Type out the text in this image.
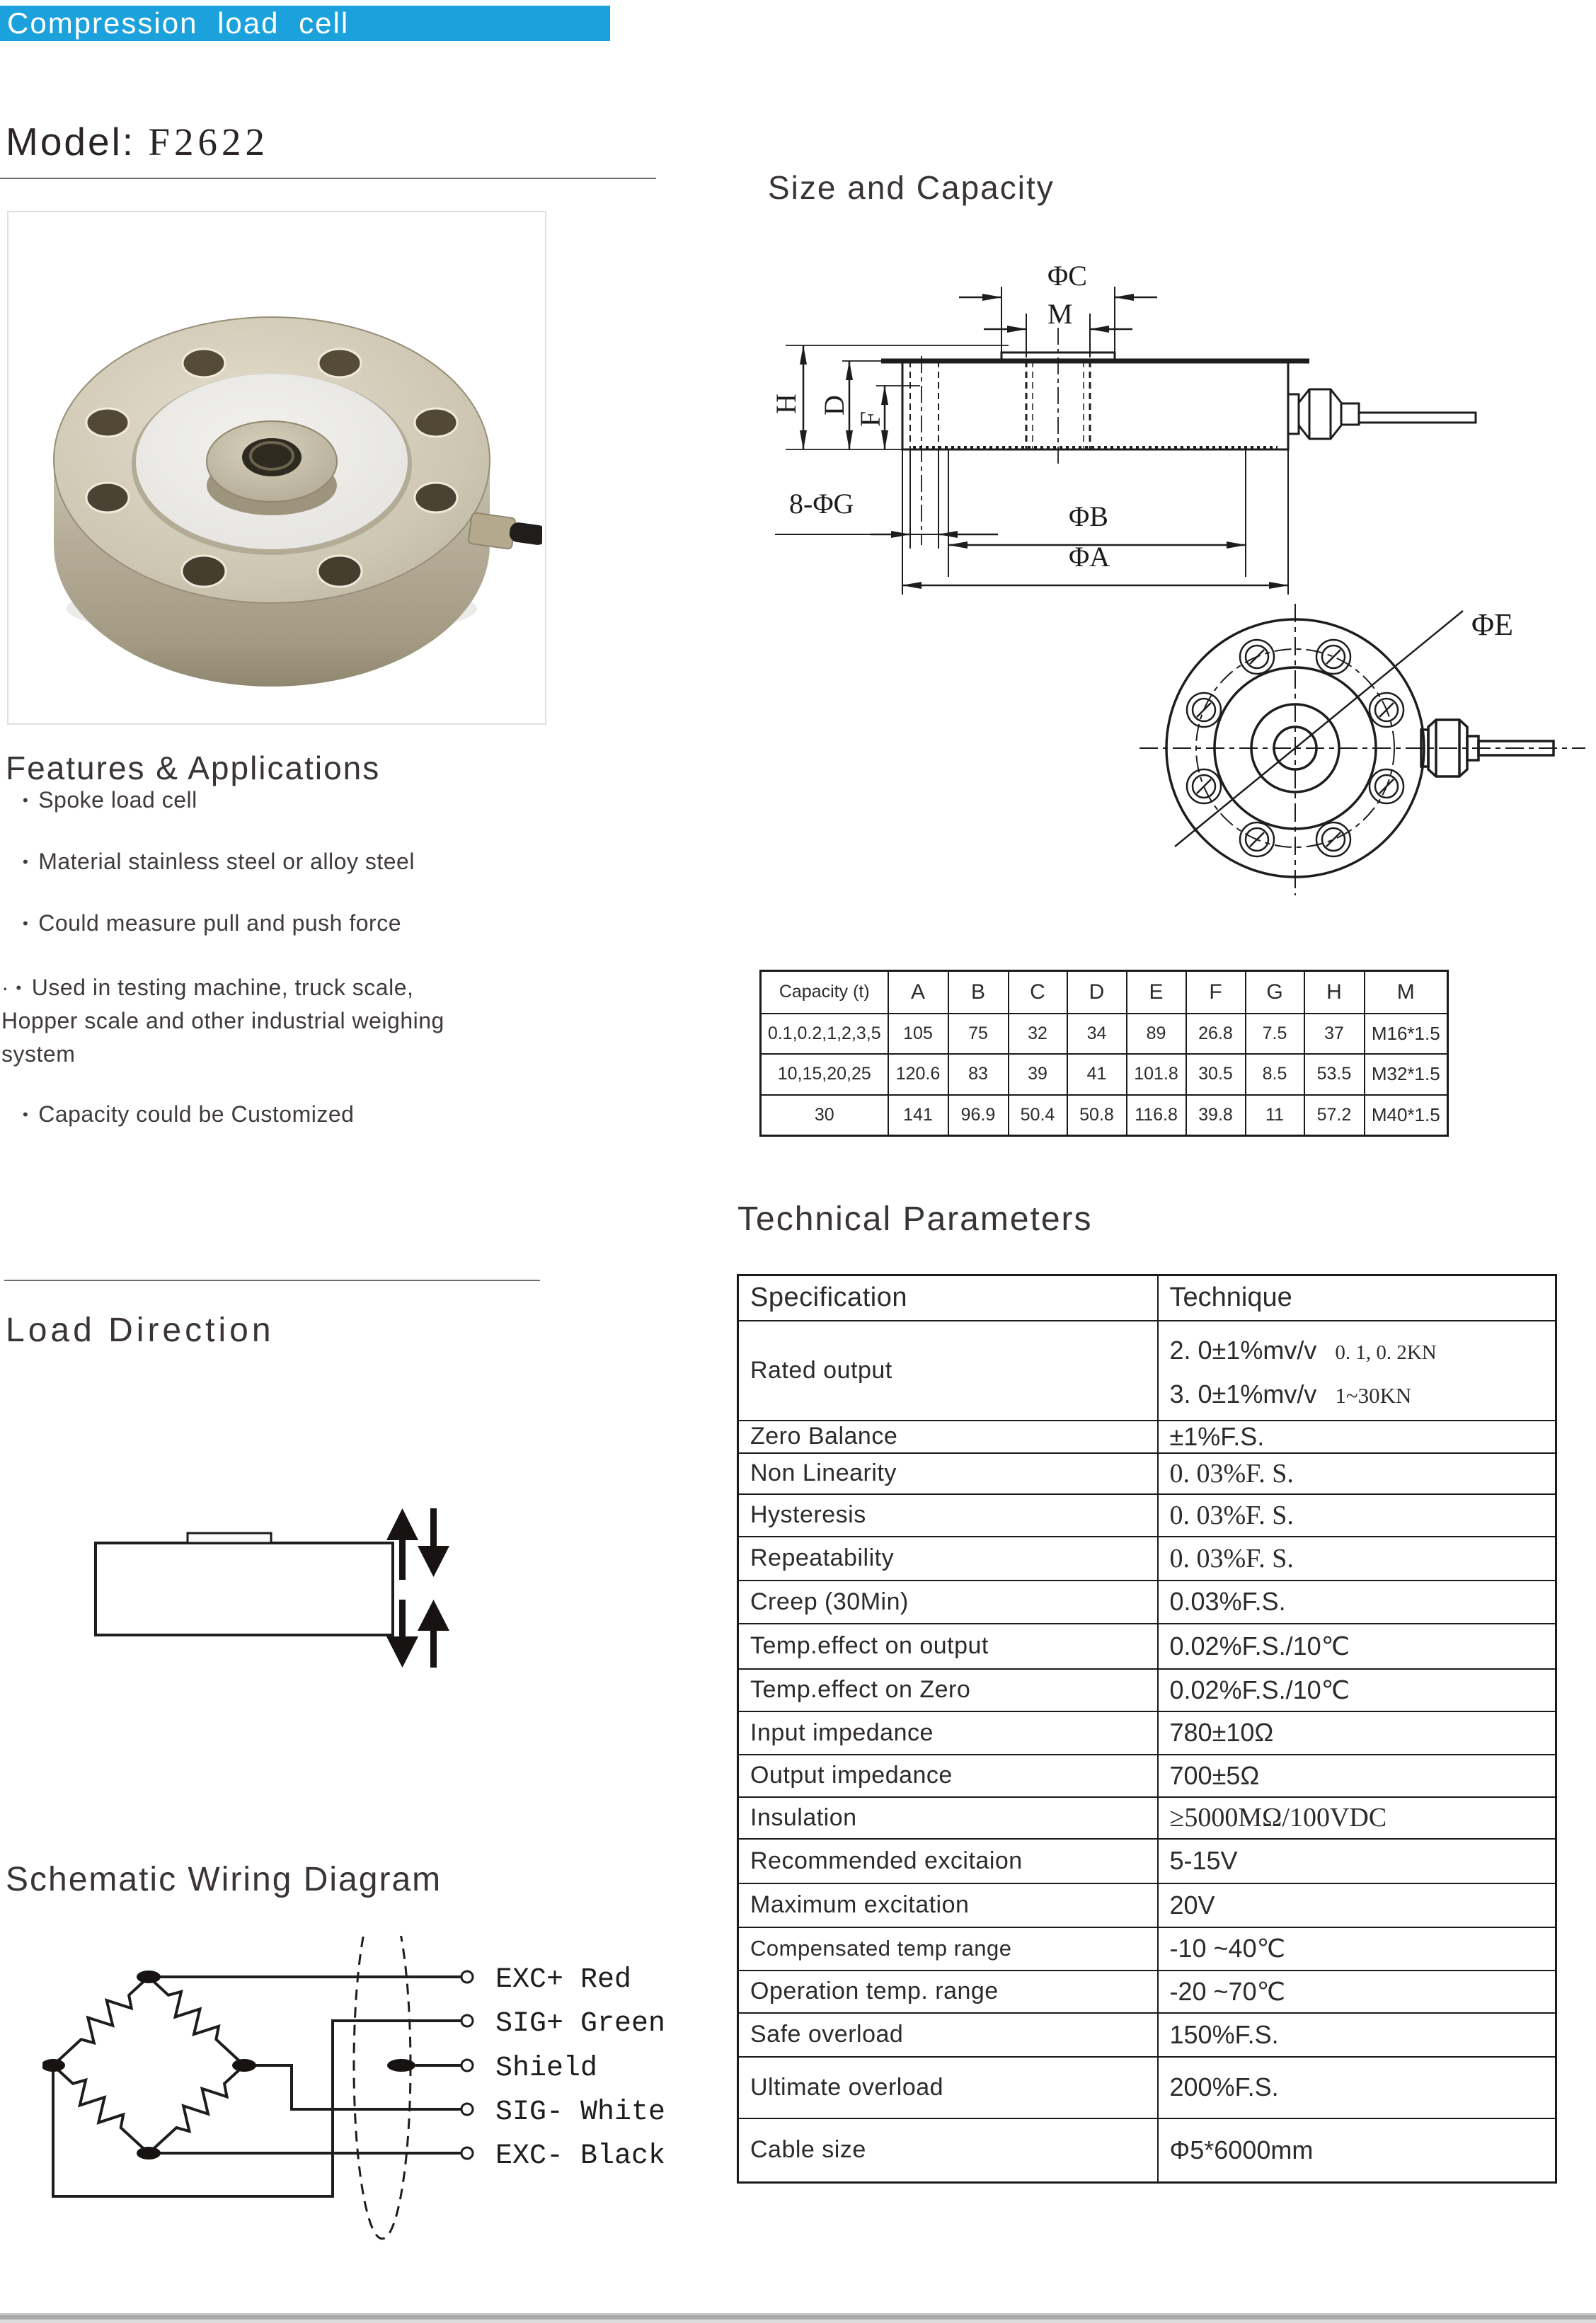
Compression load cell
Model: F2622
Features & Applications
• Spoke load cell
• Material stainless steel or alloy steel
• Could measure pull and push force
· • Used in testing machine, truck scale, Hopper scale and other industrial weighing system
• Capacity could be Customized
Size and Capacity
ΦC
M
H D
F
8-ΦG	ΦB
ΦA
ΦE
Capacity (t)	A	B	C	D	E	F	G	H	M
0.1,0.2,1,2,3,5	105	75	32	34	89	26.8	7.5	37	M16*1.5
10,15,20,25	120.6	83	39	41	101.8	30.5	8.5	53.5	M32*1.5
30	141	96.9	50.4	50.8	116.8	39.8	11	57.2	M40*1.5
Technical Parameters
Specification	Technique
Rated output	2. 0±1%mv/v 0. 1, 0. 2KN
3. 0±1%mv/v 1~30KN

Zero Balance	±1%F.S.
Non Linearity	0. 03%F. S.
Hysteresis	0. 03%F. S.
Repeatability	0. 03%F. S.
Creep (30Min)	0.03%F.S.
Temp.effect on output	0.02%F.S./10℃
Temp.effect on Zero	0.02%F.S./10℃
Input impedance	780±10Ω
Output impedance	700±5Ω
Insulation	≥5000MΩ/100VDC
Recommended excitaion	5-15V
Maximum excitation	20V
Compensated temp range	-10 ~40℃
Operation temp. range	-20 ~70℃
Safe overload	150%F.S.
Ultimate overload	200%F.S.
Cable size	Φ5*6000mm
Load Direction
Schematic Wiring Diagram
EXC+ Red
SIG+ Green
Shield
SIG- White
EXC- Black
